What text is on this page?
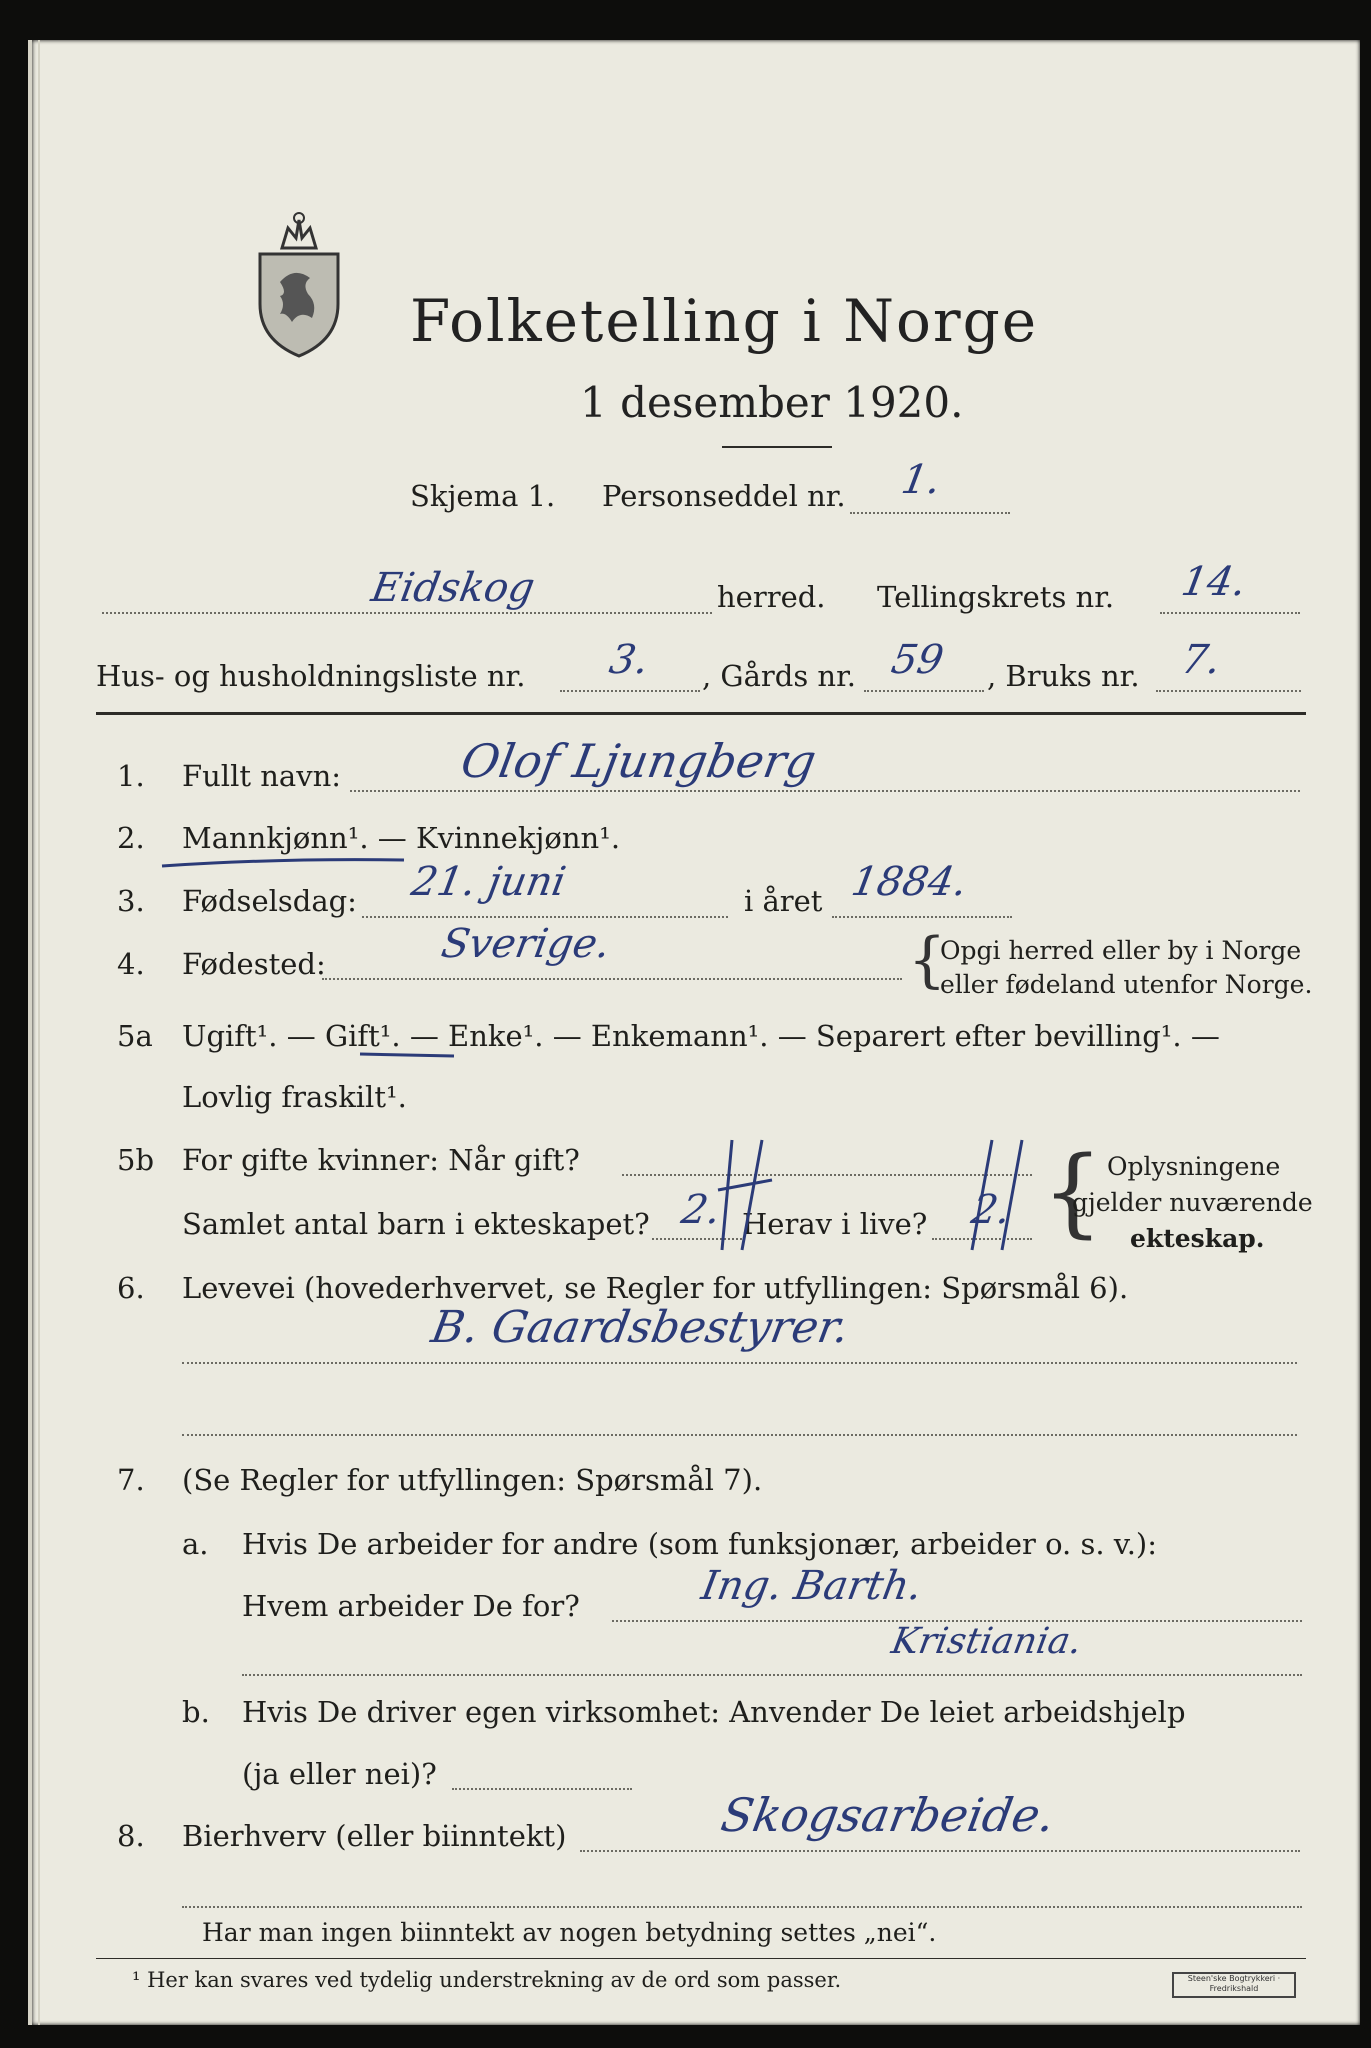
Folketelling i Norge
1 desember 1920.
Skjema 1. Personseddel nr. 1.
Eidskog	herred. Tellingskrets nr. 14.
Hus- og husholdningsliste nr. 3. , Gårds nr. 59 , Bruks nr. 7.
1. Fullt navn:	Olof Ljungberg
2. Mannkjønn¹. — Kvinnekjønn¹.
3. Fødselsdag: 21. juni	i året 1884.
4. Fødested:	Sverige.	{
Opgi herred eller by i Norge
eller fødeland utenfor Norge.
5a Ugift¹. — Gift¹. — Enke¹. — Enkemann¹. — Separert efter bevilling¹. —
Lovlig fraskilt¹.
5b For gifte kvinner: Når gift?
Samlet antal barn i ekteskapet? 2. Herav i live? 2. { Oplysningene
gjelder nuværende
ekteskap.
6. Levevei (hovederhvervet, se Regler for utfyllingen: Spørsmål 6).
B. Gaardsbestyrer.
7. (Se Regler for utfyllingen: Spørsmål 7).
a. Hvis De arbeider for andre (som funksjonær, arbeider o. s. v.):
Hvem arbeider De for?	Ing. Barth.
Kristiania.
b. Hvis De driver egen virksomhet: Anvender De leiet arbeidshjelp
(ja eller nei)?
8. Bierhverv (eller biinntekt)	Skogsarbeide.
Har man ingen biinntekt av nogen betydning settes „nei“.
¹ Her kan svares ved tydelig understrekning av de ord som passer.	Steen'ske Bogtrykkeri · Fredrikshald
